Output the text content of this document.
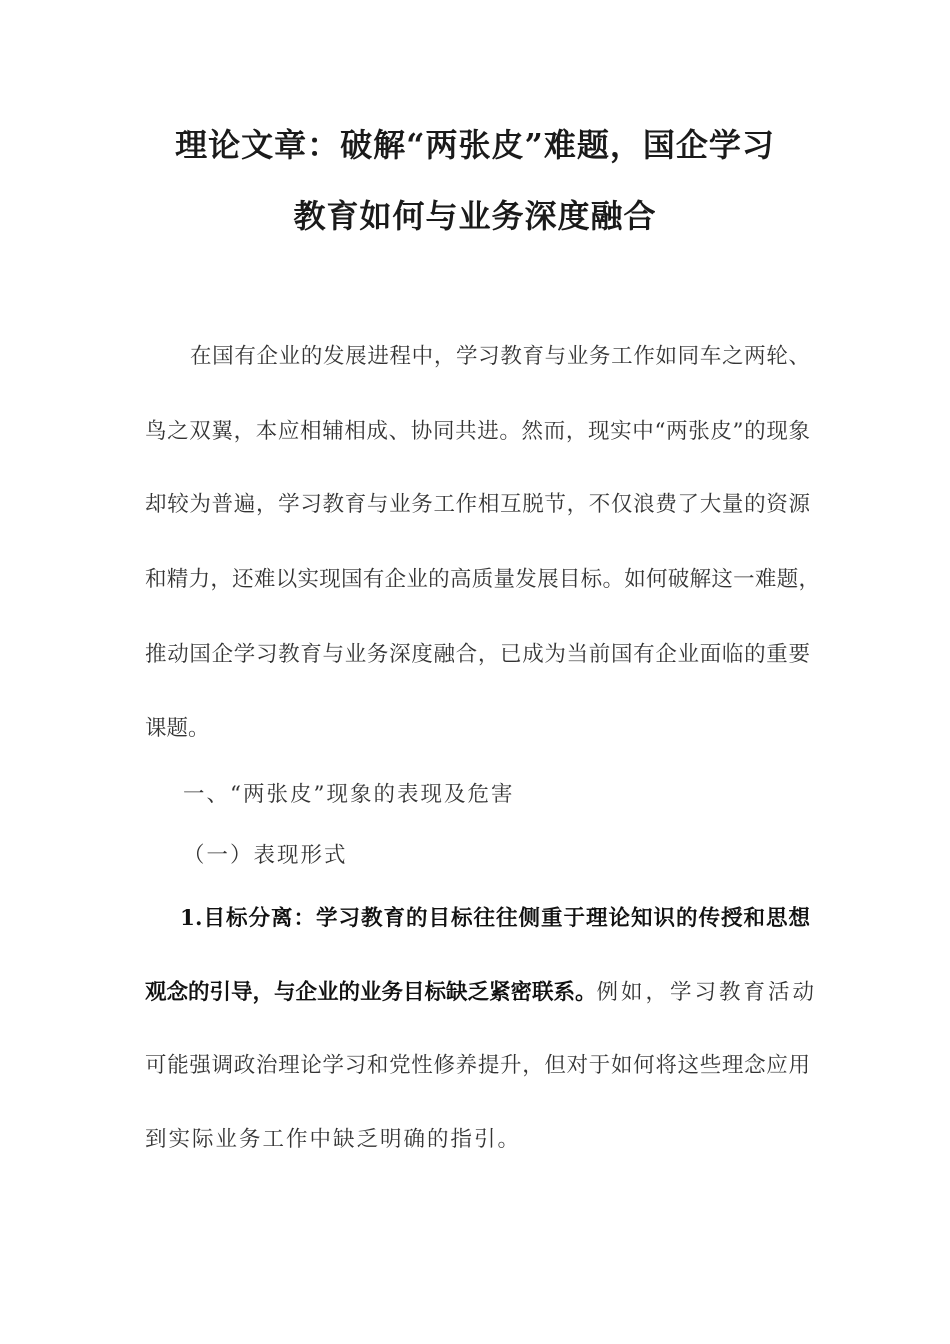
理论文章：破解“两张皮”难题，国企学习
教育如何与业务深度融合
在国有企业的发展进程中，学习教育与业务工作如同车之两轮、
鸟之双翼，本应相辅相成、协同共进。然而，现实中“两张皮”的现象
却较为普遍，学习教育与业务工作相互脱节，不仅浪费了大量的资源
和精力，还难以实现国有企业的高质量发展目标。如何破解这一难题，
推动国企学习教育与业务深度融合，已成为当前国有企业面临的重要
课题。
一、“两张皮”现象的表现及危害
（一）表现形式
1.目标分离：学习教育的目标往往侧重于理论知识的传授和思想
观念的引导，与企业的业务目标缺乏紧密联系。 例如，学习教育活动
可能强调政治理论学习和党性修养提升，但对于如何将这些理念应用
到实际业务工作中缺乏明确的指引。
